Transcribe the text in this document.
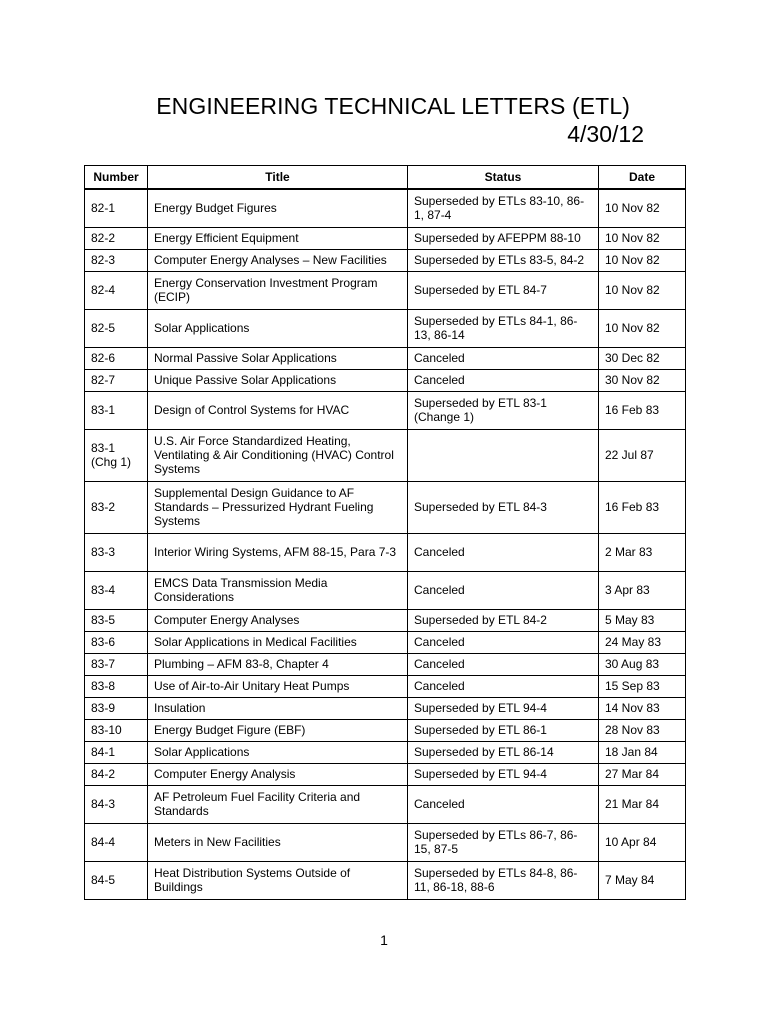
ENGINEERING TECHNICAL LETTERS (ETL)
4/30/12
Number	Title	Status	Date
82-1	Energy Budget Figures	Superseded by ETLs 83-10, 86-1, 87-4	10 Nov 82
82-2	Energy Efficient Equipment	Superseded by AFEPPM 88-10	10 Nov 82
82-3	Computer Energy Analyses – New Facilities	Superseded by ETLs 83-5, 84-2	10 Nov 82
82-4	Energy Conservation Investment Program (ECIP)	Superseded by ETL 84-7	10 Nov 82
82-5	Solar Applications	Superseded by ETLs 84-1, 86-13, 86-14	10 Nov 82
82-6	Normal Passive Solar Applications	Canceled	30 Dec 82
82-7	Unique Passive Solar Applications	Canceled	30 Nov 82
83-1	Design of Control Systems for HVAC	Superseded by ETL 83-1 (Change 1)	16 Feb 83
83-1 (Chg 1)	U.S. Air Force Standardized Heating, Ventilating & Air Conditioning (HVAC) Control Systems		22 Jul 87
83-2	Supplemental Design Guidance to AF Standards – Pressurized Hydrant Fueling Systems	Superseded by ETL 84-3	16 Feb 83
83-3	Interior Wiring Systems, AFM 88-15, Para 7-3	Canceled	2 Mar 83
83-4	EMCS Data Transmission Media Considerations	Canceled	3 Apr 83
83-5	Computer Energy Analyses	Superseded by ETL 84-2	5 May 83
83-6	Solar Applications in Medical Facilities	Canceled	24 May 83
83-7	Plumbing – AFM 83-8, Chapter 4	Canceled	30 Aug 83
83-8	Use of Air-to-Air Unitary Heat Pumps	Canceled	15 Sep 83
83-9	Insulation	Superseded by ETL 94-4	14 Nov 83
83-10	Energy Budget Figure (EBF)	Superseded by ETL 86-1	28 Nov 83
84-1	Solar Applications	Superseded by ETL 86-14	18 Jan 84
84-2	Computer Energy Analysis	Superseded by ETL 94-4	27 Mar 84
84-3	AF Petroleum Fuel Facility Criteria and Standards	Canceled	21 Mar 84
84-4	Meters in New Facilities	Superseded by ETLs 86-7, 86-15, 87-5	10 Apr 84
84-5	Heat Distribution Systems Outside of Buildings	Superseded by ETLs 84-8, 86-11, 86-18, 88-6	7 May 84
1
